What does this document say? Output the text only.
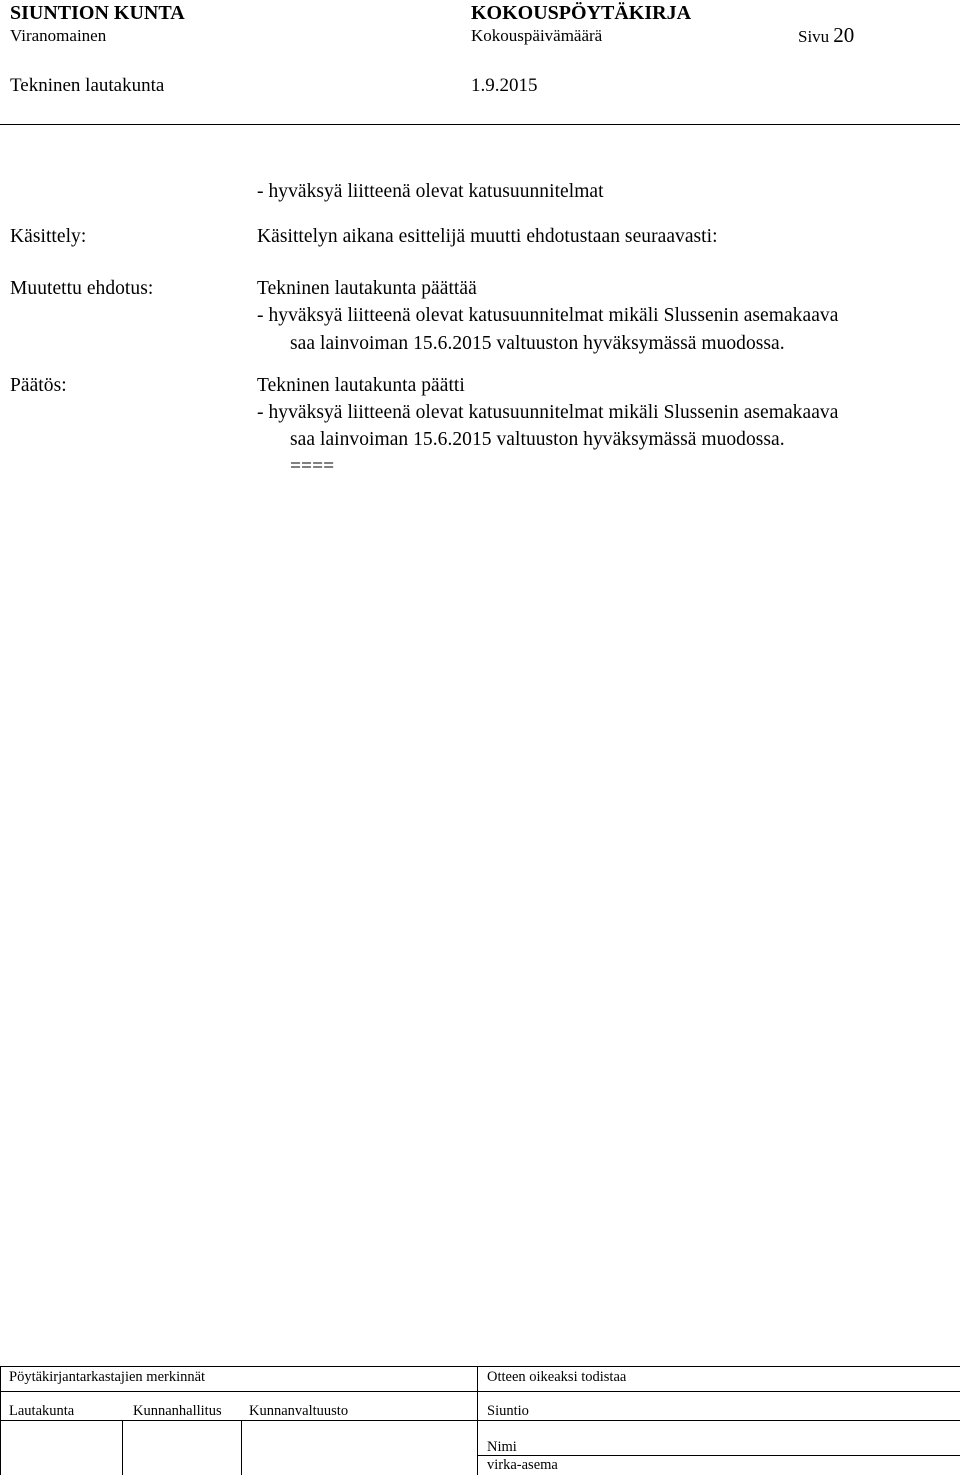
SIUNTION KUNTA	KOKOUSPÖYTÄKIRJA
Viranomainen	Kokouspäivämäärä	Sivu 20
Tekninen lautakunta	1.9.2015
- hyväksyä liitteenä olevat katusuunnitelmat
Käsittely:	Käsittelyn aikana esittelijä muutti ehdotustaan seuraavasti:
Muutettu ehdotus:	Tekninen lautakunta päättää
- hyväksyä liitteenä olevat katusuunnitelmat mikäli Slussenin asemakaava
saa lainvoiman 15.6.2015 valtuuston hyväksymässä muodossa.
Päätös:	Tekninen lautakunta päätti
- hyväksyä liitteenä olevat katusuunnitelmat mikäli Slussenin asemakaava
saa lainvoiman 15.6.2015 valtuuston hyväksymässä muodossa.
====
Pöytäkirjantarkastajien merkinnät	Otteen oikeaksi todistaa
Lautakunta	Kunnanhallitus Kunnanvaltuusto	Siuntio
Nimi
virka-asema
